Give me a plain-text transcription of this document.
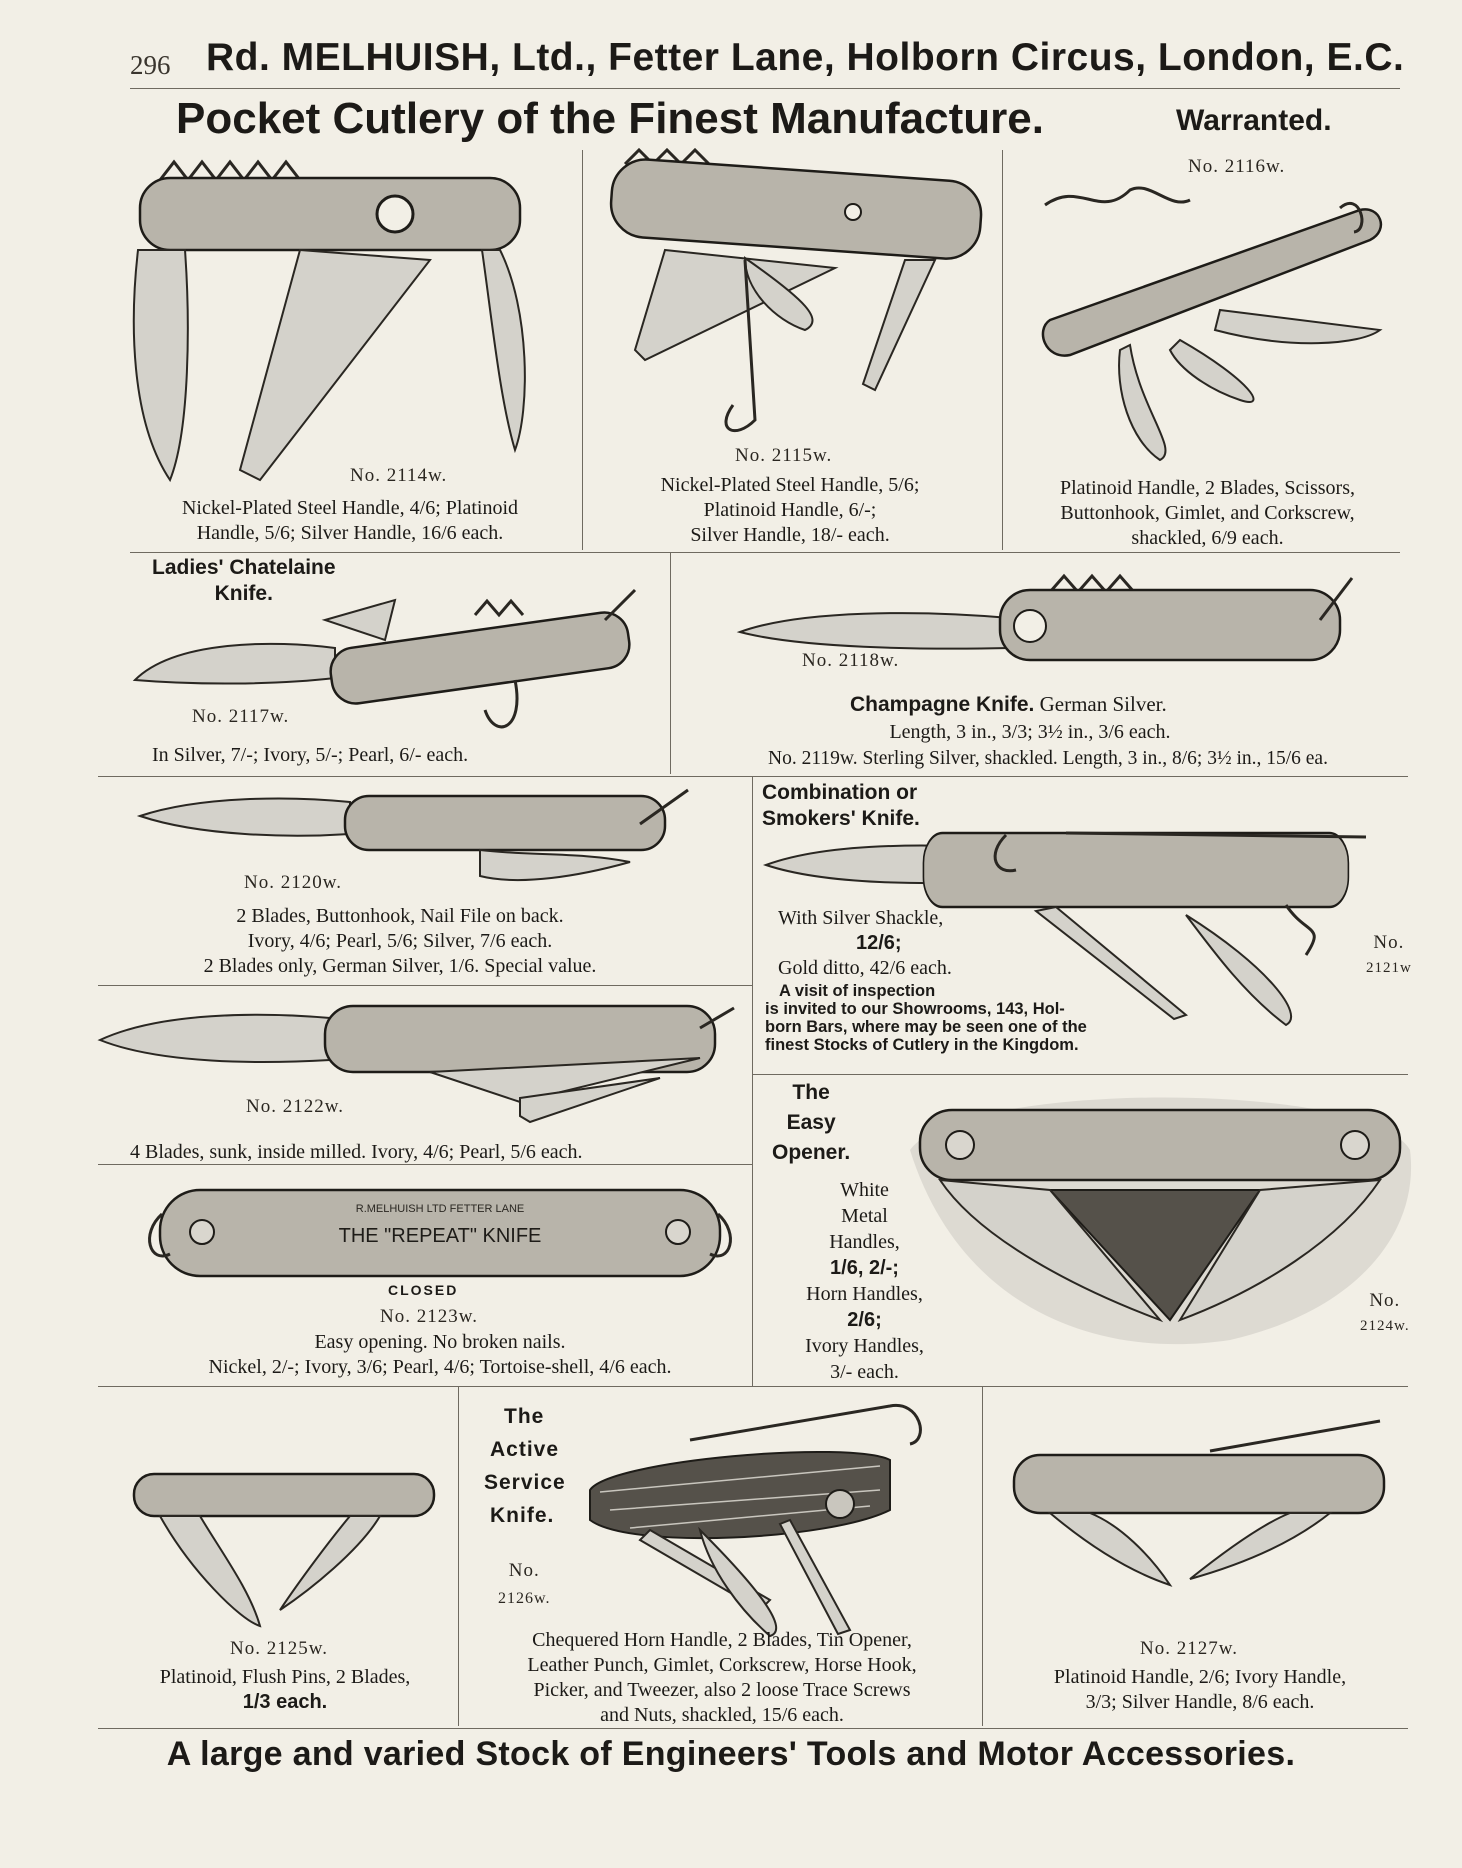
296 Rd. MELHUISH, Ltd., Fetter Lane, Holborn Circus, London, E.C.
Pocket Cutlery of the Finest Manufacture.	Warranted.
No. 2114w.
Nickel-Plated Steel Handle, 4/6; Platinoid
Handle, 5/6; Silver Handle, 16/6 each.
No. 2115w.
Nickel-Plated Steel Handle, 5/6;
Platinoid Handle, 6/-;
Silver Handle, 18/- each.
No. 2116w.
Platinoid Handle, 2 Blades, Scissors,
Buttonhook, Gimlet, and Corkscrew,
shackled, 6/9 each.
Ladies' Chatelaine
Knife.
No. 2117w.
In Silver, 7/-; Ivory, 5/-; Pearl, 6/- each.
No. 2118w.
Champagne Knife. German Silver.
Length, 3 in., 3/3; 3½ in., 3/6 each.
No. 2119w. Sterling Silver, shackled. Length, 3 in., 8/6; 3½ in., 15/6 ea.
No. 2120w.
2 Blades, Buttonhook, Nail File on back.
Ivory, 4/6; Pearl, 5/6; Silver, 7/6 each.
2 Blades only, German Silver, 1/6. Special value.
Combination or
Smokers' Knife.
With Silver Shackle,
12/6;
Gold ditto, 42/6 each.
No.
2121w
A visit of inspection
is invited to our Showrooms, 143, Hol-
born Bars, where may be seen one of the
finest Stocks of Cutlery in the Kingdom.
No. 2122w.
4 Blades, sunk, inside milled. Ivory, 4/6; Pearl, 5/6 each.
R.MELHUISH LTD FETTER LANE
THE "REPEAT" KNIFE
CLOSED
No. 2123w.
Easy opening. No broken nails.
Nickel, 2/-; Ivory, 3/6; Pearl, 4/6; Tortoise-shell, 4/6 each.
The
Easy
Opener.
White
Metal
Handles,
1/6, 2/-;
Horn Handles,
2/6;
Ivory Handles,
3/- each.
No.
2124w.
No. 2125w.
Platinoid, Flush Pins, 2 Blades,
1/3 each.
The
Active
Service
Knife.
No.
2126w.
Chequered Horn Handle, 2 Blades, Tin Opener,
Leather Punch, Gimlet, Corkscrew, Horse Hook,
Picker, and Tweezer, also 2 loose Trace Screws
and Nuts, shackled, 15/6 each.
No. 2127w.
Platinoid Handle, 2/6; Ivory Handle,
3/3; Silver Handle, 8/6 each.
A large and varied Stock of Engineers' Tools and Motor Accessories.
